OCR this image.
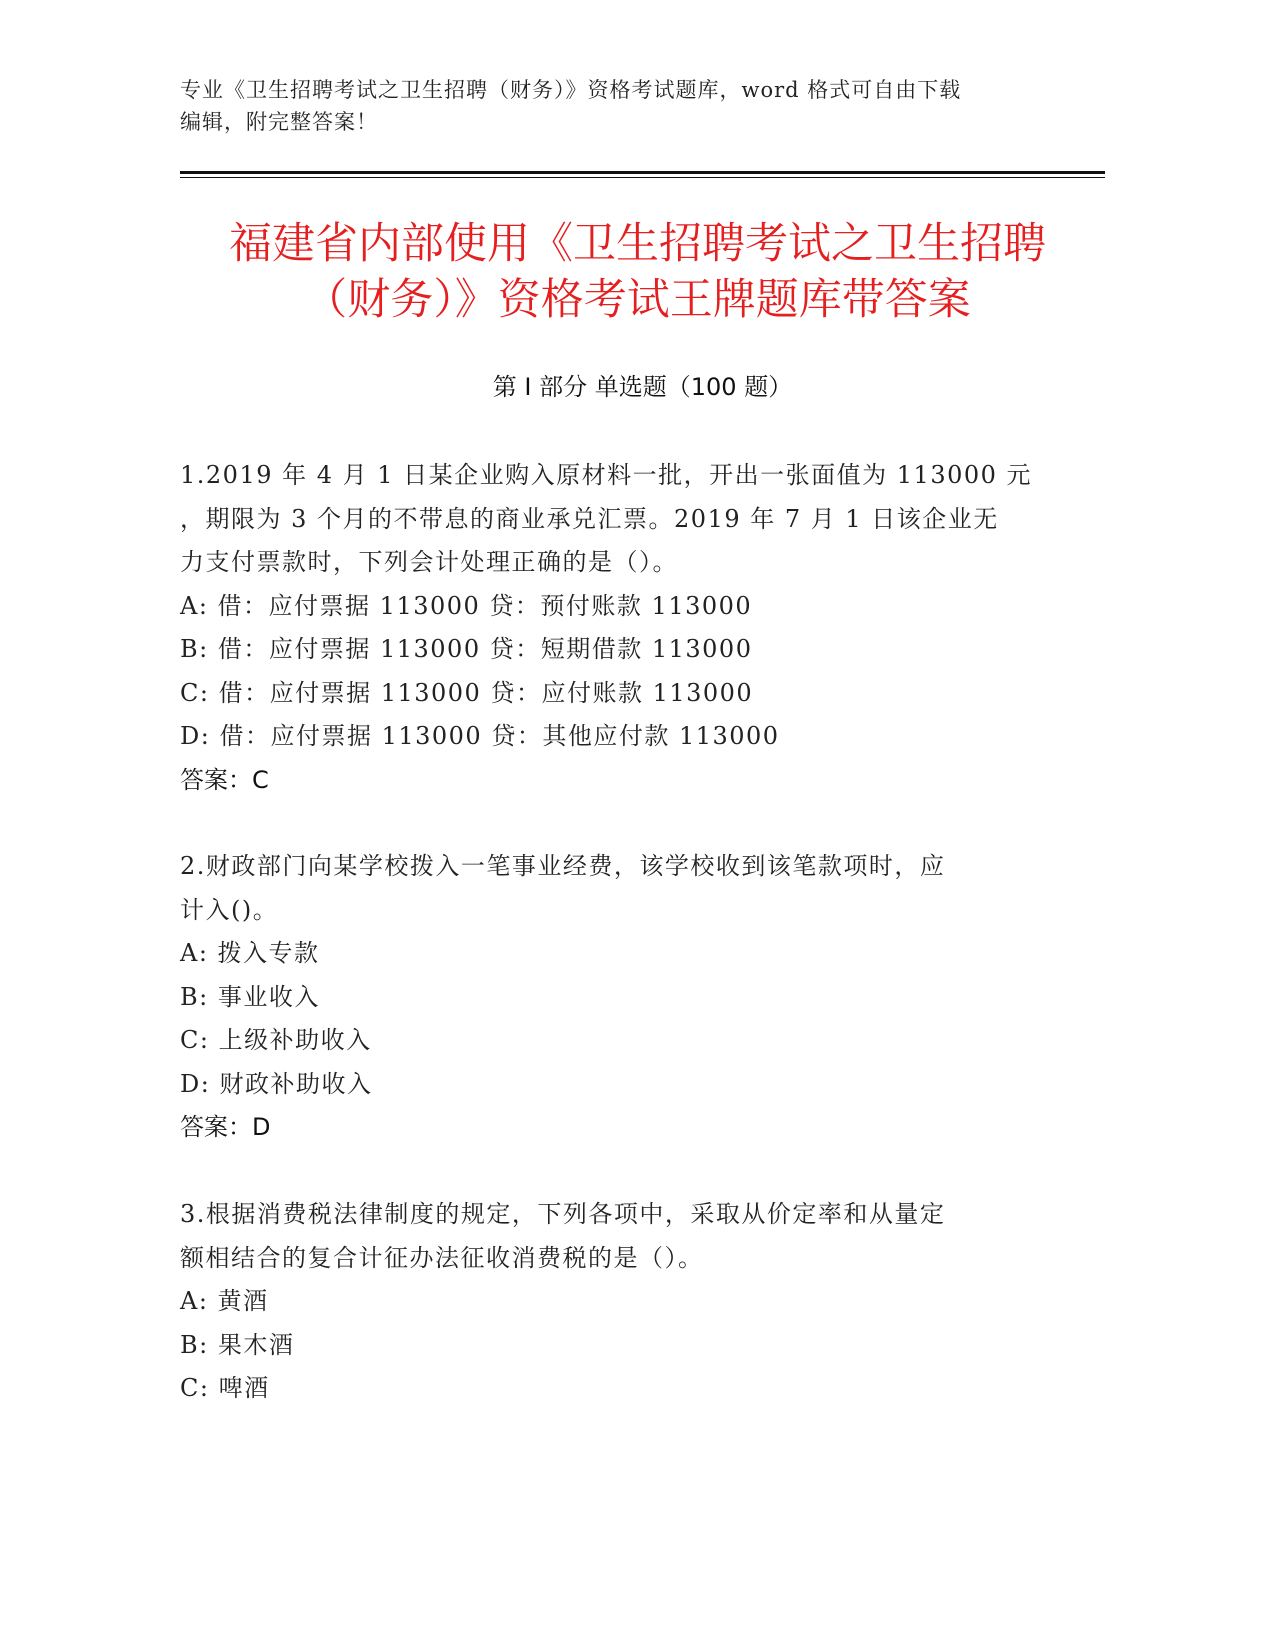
专业《卫生招聘考试之卫生招聘（财务）》资格考试题库，word 格式可自由下载
编辑，附完整答案！
福建省内部使用《卫生招聘考试之卫生招聘
（财务）》资格考试王牌题库带答案
第 I 部分 单选题（100 题）

1.2019 年 4 月 1 日某企业购入原材料一批，开出一张面值为 113000 元
，期限为 3 个月的不带息的商业承兑汇票。2019 年 7 月 1 日该企业无
力支付票款时，下列会计处理正确的是（）。

A: 借：应付票据 113000 贷：预付账款 113000

B: 借：应付票据 113000 贷：短期借款 113000

C: 借：应付票据 113000 贷：应付账款 113000

D: 借：应付票据 113000 贷：其他应付款 113000

答案：C

2.财政部门向某学校拨入一笔事业经费，该学校收到该笔款项时，应
计入()。

A: 拨入专款

B: 事业收入

C: 上级补助收入

D: 财政补助收入

答案：D

3.根据消费税法律制度的规定，下列各项中，采取从价定率和从量定
额相结合的复合计征办法征收消费税的是（）。

A: 黄酒

B: 果木酒

C: 啤酒
